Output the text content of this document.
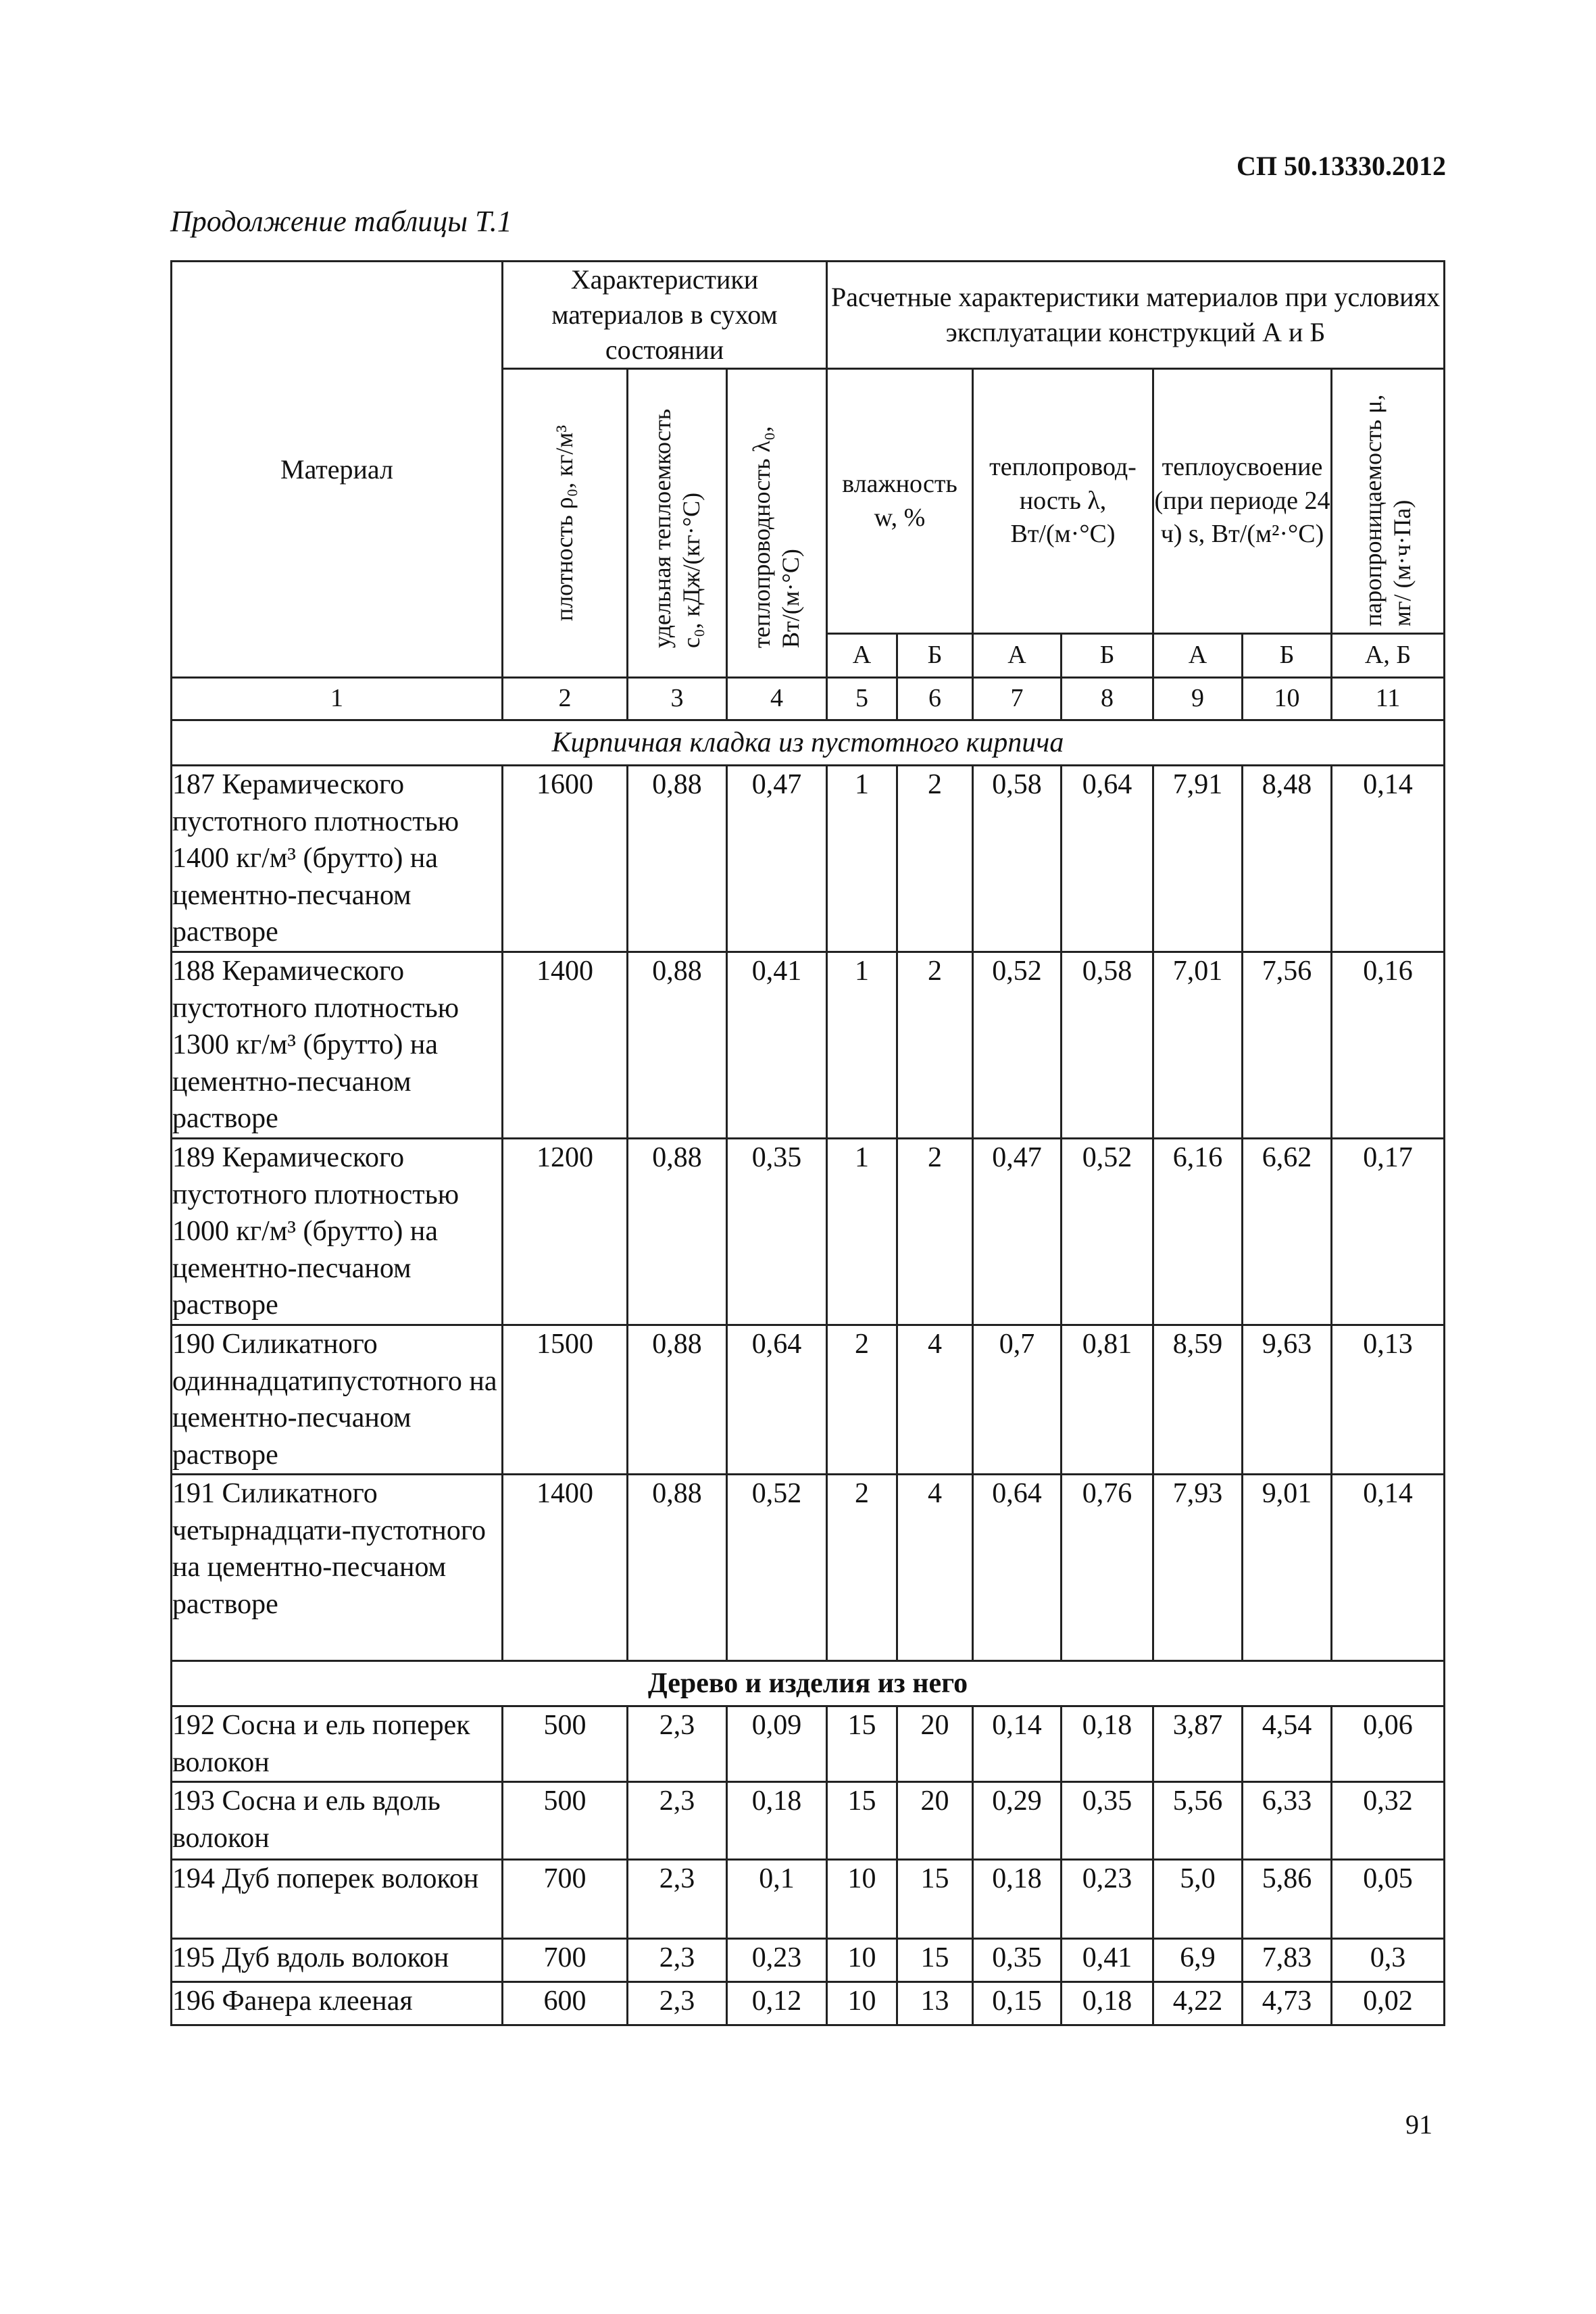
СП 50.13330.2012
Продолжение таблицы Т.1
Материал	Характеристики материалов в сухом состоянии			Расчетные характеристики материалов при условиях эксплуатации конструкций А и Б						

	плотность ρ₀, кг/м³	удельная теплоемкость c₀, кДж/(кг·°С)	теплопроводность λ₀, Вт/(м·°С)	влажность w, %		теплопровод-ность λ, Вт/(м·°С)		теплоусвоение (при периоде 24 ч) s, Вт/(м²·°С)		паропроницаемость μ, мг/ (м·ч·Па)

				А	Б	А	Б	А	Б	А, Б
1	2	3	4	5	6	7	8	9	10	11
Кирпичная кладка из пустотного кирпича										
187 Керамического пустотного плотностью 1400 кг/м³ (брутто) на цементно-песчаном растворе	1600	0,88	0,47	1	2	0,58	0,64	7,91	8,48	0,14
188 Керамического пустотного плотностью 1300 кг/м³ (брутто) на цементно-песчаном растворе	1400	0,88	0,41	1	2	0,52	0,58	7,01	7,56	0,16
189 Керамического пустотного плотностью 1000 кг/м³ (брутто) на цементно-песчаном растворе	1200	0,88	0,35	1	2	0,47	0,52	6,16	6,62	0,17
190 Силикатного одиннадцатипустотного на цементно-песчаном растворе	1500	0,88	0,64	2	4	0,7	0,81	8,59	9,63	0,13
191 Силикатного четырнадцати-пустотного на цементно-песчаном растворе	1400	0,88	0,52	2	4	0,64	0,76	7,93	9,01	0,14
Дерево и изделия из него										
192 Сосна и ель поперек волокон	500	2,3	0,09	15	20	0,14	0,18	3,87	4,54	0,06
193 Сосна и ель вдоль волокон	500	2,3	0,18	15	20	0,29	0,35	5,56	6,33	0,32
194 Дуб поперек волокон	700	2,3	0,1	10	15	0,18	0,23	5,0	5,86	0,05
195 Дуб вдоль волокон	700	2,3	0,23	10	15	0,35	0,41	6,9	7,83	0,3
196 Фанера клееная	600	2,3	0,12	10	13	0,15	0,18	4,22	4,73	0,02
91
